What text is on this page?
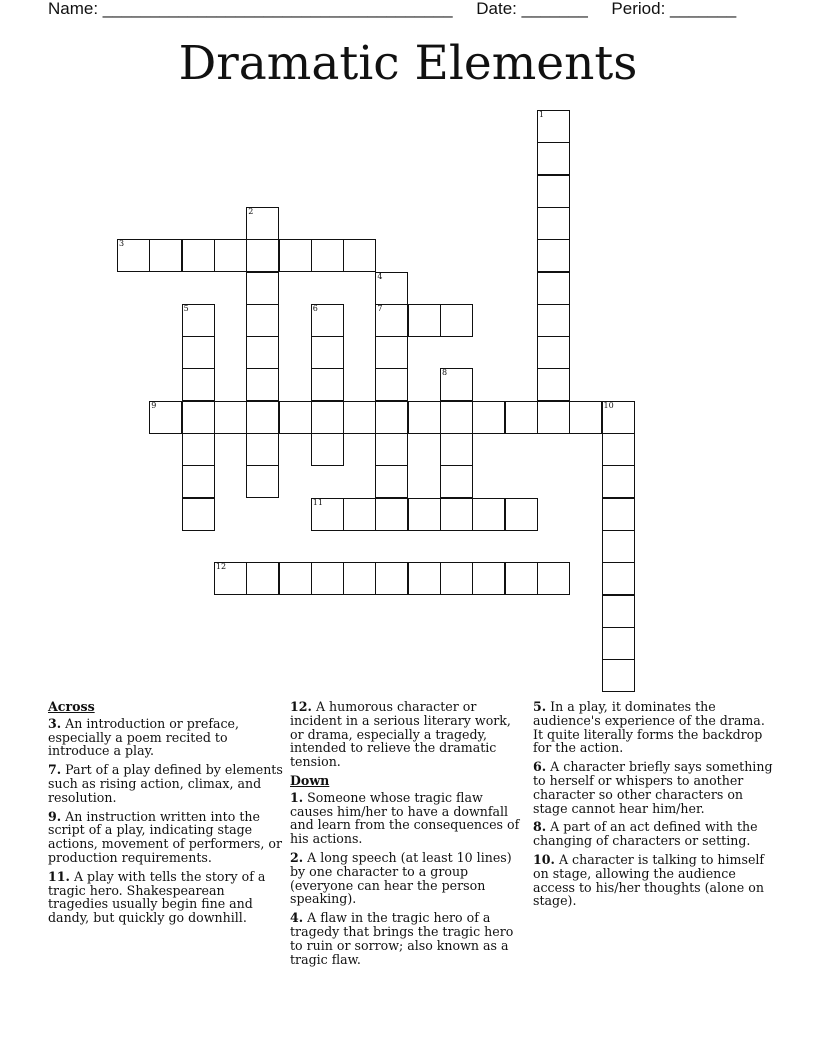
Name: _____________________________________ Date: _______ Period: _______
Dramatic Elements
1
2
3
4
7
5	6
8
9	10
11
12
Across
3. An introduction or preface, especially a poem recited to introduce a play.
7. Part of a play defined by elements such as rising action, climax, and resolution.
9. An instruction written into the script of a play, indicating stage actions, movement of performers, or production requirements.
11. A play with tells the story of a tragic hero. Shakespearean tragedies usually begin fine and dandy, but quickly go downhill.
12. A humorous character or incident in a serious literary work, or drama, especially a tragedy, intended to relieve the dramatic tension.
Down
1. Someone whose tragic flaw causes him/her to have a downfall and learn from the consequences of his actions.
2. A long speech (at least 10 lines) by one character to a group (everyone can hear the person speaking).
4. A flaw in the tragic hero of a tragedy that brings the tragic hero to ruin or sorrow; also known as a tragic flaw.
5. In a play, it dominates the audience's experience of the drama. It quite literally forms the backdrop for the action.
6. A character briefly says something to herself or whispers to another character so other characters on stage cannot hear him/her.
8. A part of an act defined with the changing of characters or setting.
10. A character is talking to himself on stage, allowing the audience access to his/her thoughts (alone on stage).
